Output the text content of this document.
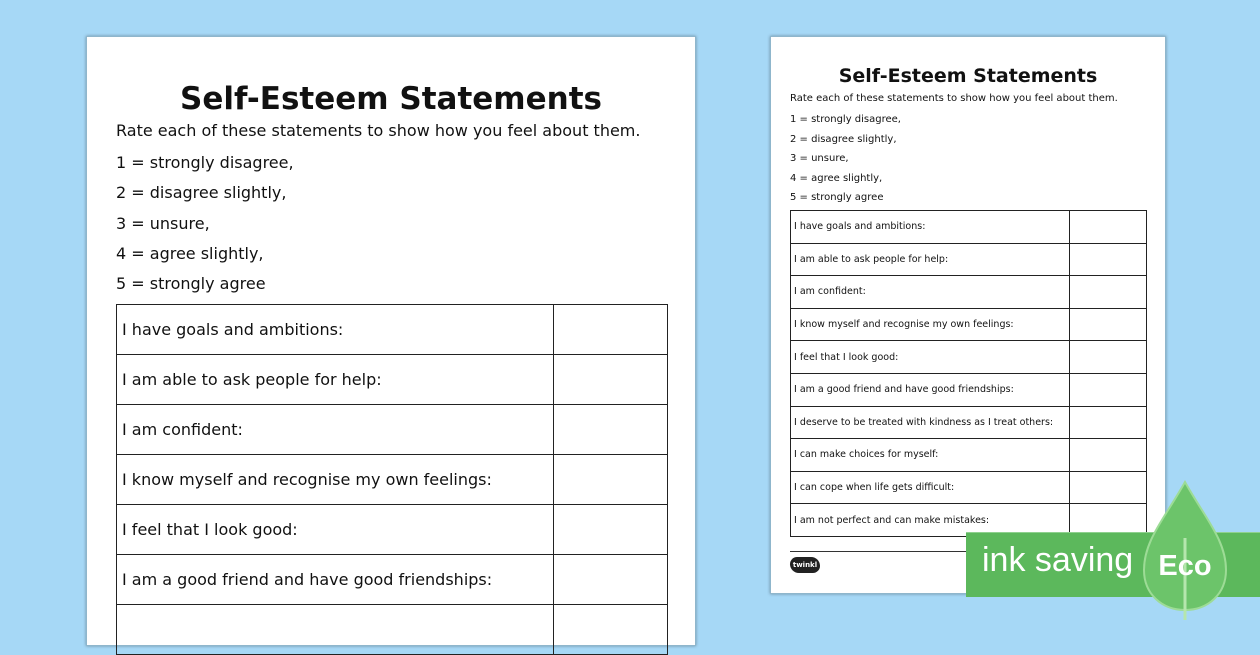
Self-Esteem Statements

Rate each of these statements to show how you feel about them.

1 = strongly disagree,
2 = disagree slightly,
3 = unsure,
4 = agree slightly,
5 = strongly agree
I have goals and ambitions:	
I am able to ask people for help:	
I am confident:	
I know myself and recognise my own feelings:	
I feel that I look good:	
I am a good friend and have good friendships:	

Self-Esteem Statements

Rate each of these statements to show how you feel about them.

1 = strongly disagree,
2 = disagree slightly,
3 = unsure,
4 = agree slightly,
5 = strongly agree
I have goals and ambitions:	
I am able to ask people for help:	
I am confident:	
I know myself and recognise my own feelings:	
I feel that I look good:	
I am a good friend and have good friendships:	
I deserve to be treated with kindness as I treat others:	
I can make choices for myself:	
I can cope when life gets difficult:	
I am not perfect and can make mistakes:	
twinkl	ink saving Eco
